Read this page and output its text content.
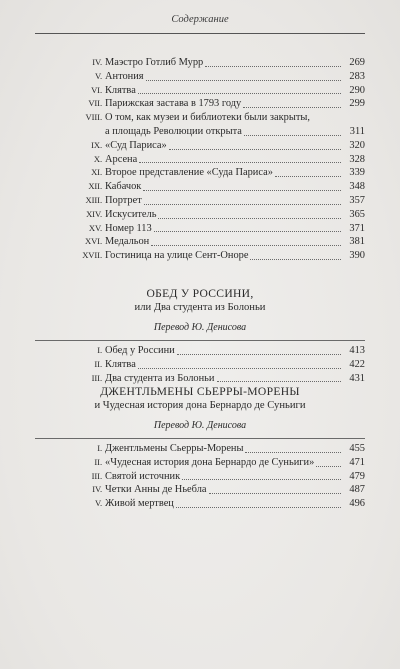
Содержание
IV. Маэстро Готлиб Мурр	269
V. Антония	283
VI. Клятва	290
VII. Парижская застава в 1793 году	299
VIII. О том, как музеи и библиотеки были закрыты,
а площадь Революции открыта	311
IX. «Суд Париса»	320
X. Арсена	328
XI. Второе представление «Суда Париса»	339
XII. Кабачок	348
XIII. Портрет	357
XIV. Искуситель	365
XV. Номер 113	371
XVI. Медальон	381
XVII. Гостиница на улице Сент-Оноре	390
ОБЕД У РОССИНИ,
или Два студента из Болоньи
Перевод Ю. Денисова
I. Обед у Россини	413
II. Клятва	422
III. Два студента из Болоньи	431
ДЖЕНТЛЬМЕНЫ СЬЕРРЫ-МОРЕНЫ
и Чудесная история дона Бернардо де Суньиги
Перевод Ю. Денисова
I. Джентльмены Сьерры-Морены	455
II. «Чудесная история дона Бернардо де Суньиги»	471
III. Святой источник	479
IV. Четки Анны де Ньебла	487
V. Живой мертвец	496
